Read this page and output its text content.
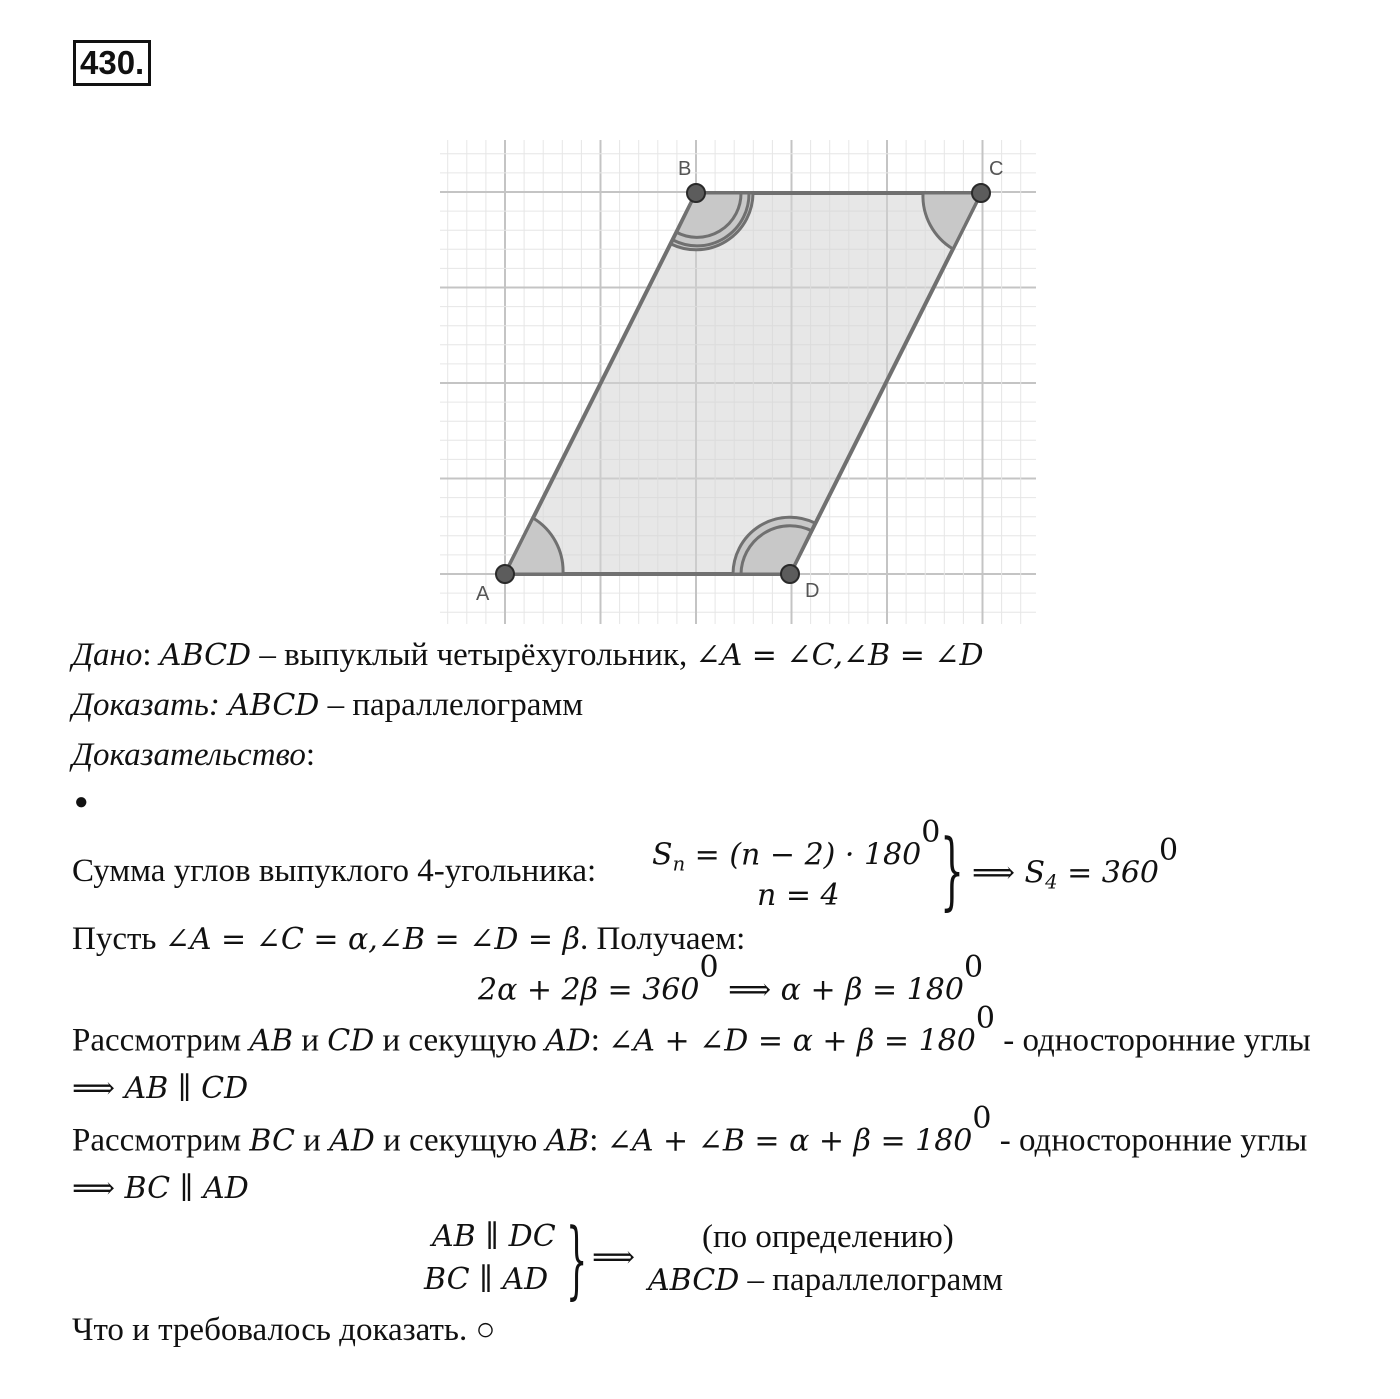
430.
A
B	C
D
Дано: ABCD – выпуклый четырёхугольник, ∠A = ∠C,∠B = ∠D
Доказать: ABCD – параллелограмм
Доказательство:
●
Сумма углов выпуклого 4-угольника: $S_n = (n - 2) \cdot 180^0$
n = 4 } ⟹ $S_4 = 360^0$
Пусть ∠A = ∠C = α,∠B = ∠D = β. Получаем:
$2\alpha + 2\beta = 360^0$ ⟹ $\alpha + \beta = 180^0$
Рассмотрим AB и CD и секущую AD: ∠A + ∠D = $\alpha + \beta = 180^0$ - односторонние углы
⟹ AB ∥ CD
Рассмотрим BC и AD и секущую AB: ∠A + ∠B = $\alpha + \beta = 180^0$ - односторонние углы
⟹ BC ∥ AD
AB ∥ DC
BC ∥ AD } ⟹
(по определению)
ABCD – параллелограмм
Что и требовалось доказать. ○
